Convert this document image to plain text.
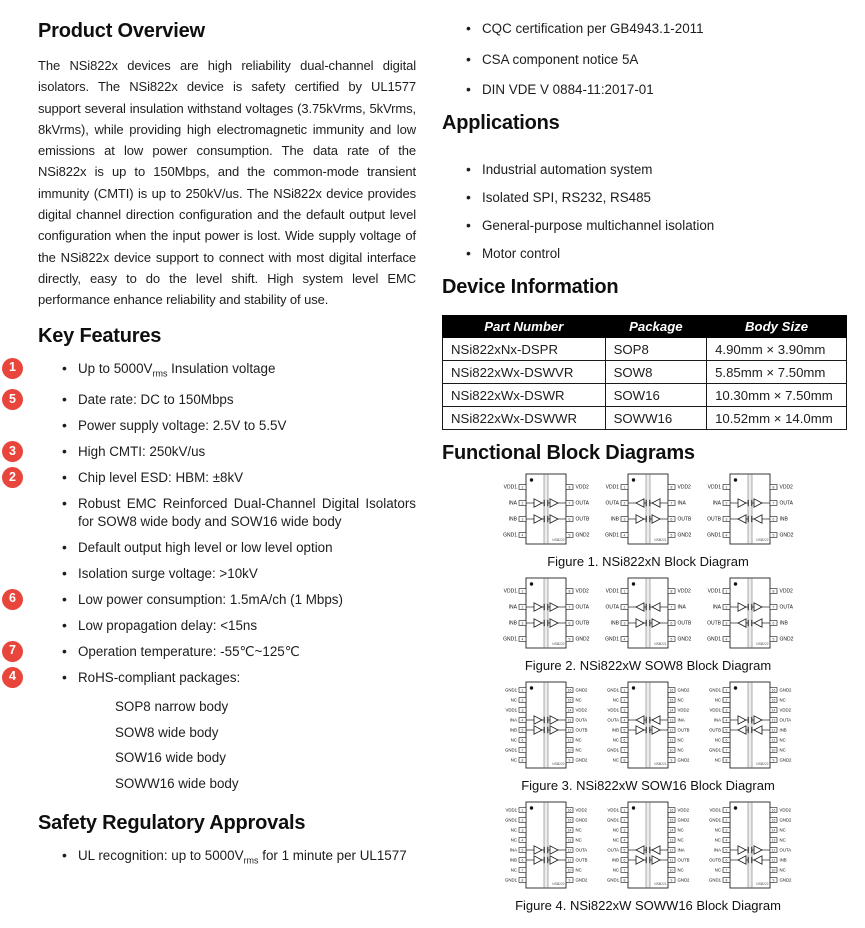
Product Overview

The NSi822x devices are high reliability dual-channel digital isolators. The NSi822x device is safety certified by UL1577 support several insulation withstand voltages (3.75kVrms, 5kVrms, 8kVrms), while providing high electromagnetic immunity and low emissions at low power consumption. The data rate of the NSi822x is up to 150Mbps, and the common-mode transient immunity (CMTI) is up to 250kV/us. The NSi822x device provides digital channel direction configuration and the default output level configuration when the input power is lost. Wide supply voltage of the NSi822x device support to connect with most digital interface directly, easy to do the level shift. High system level EMC performance enhance reliability and stability of use.

Key Features
1 •	Up to $5000V_{rms}$ Insulation voltage
5 •	Date rate: DC to 150Mbps
•
Power supply voltage: 2.5V to 5.5V
3 •	High CMTI: 250kV/us
2 •	Chip level ESD: HBM: ±8kV
•
Robust EMC Reinforced Dual-Channel Digital Isolators for SOW8 wide body and SOW16 wide body
•
Default output high level or low level option
•
Isolation surge voltage: >10kV
6 •	Low power consumption: 1.5mA/ch (1 Mbps)
•
Low propagation delay: <15ns
7 •	Operation temperature: -55℃~125℃
4 •	RoHS-compliant packages:
SOP8 narrow body
SOW8 wide body
SOW16 wide body
SOWW16 wide body
Safety Regulatory Approvals
•
UL recognition: up to $5000V_{rms}$ for 1 minute per UL1577
•
CQC certification per GB4943.1-2011
•
CSA component notice 5A
•
DIN VDE V 0884-11:2017-01
Applications
•
Industrial automation system
•
Isolated SPI, RS232, RS485
•
General-purpose multichannel isolation
•
Motor control
Device Information
Part Number	Package	Body Size
NSi822xNx-DSPR	SOP8	4.90mm × 3.90mm
NSi822xWx-DSWVR	SOW8	5.85mm × 7.50mm
NSi822xWx-DSWR	SOW16	10.30mm × 7.50mm
NSi822xWx-DSWWR	SOWW16	10.52mm × 14.0mm
Functional Block Diagrams
1
VDD1	8 VDD2
2
INA	7 OUTA
3
INB	6 OUTB
4
GND1	5 GND2
NSi8220
1
VDD1	8 VDD2
2
OUTA	7 INA
3
INB	6 OUTB
4
GND1	5 GND2
NSi8221
1
VDD1	8 VDD2
2
INA	7 OUTA
3
OUTB	6 INB
4
GND1	5 GND2
NSi8222
Figure 1. NSi822xN Block Diagram
1
VDD1	8 VDD2
2
INA	7 OUTA
3
INB	6 OUTB
4
GND1	5 GND2
NSi8220
1
VDD1	8 VDD2
2
OUTA	7 INA
3
INB	6 OUTB
4
GND1	5 GND2
NSi8221
1
VDD1	8 VDD2
2
INA	7 OUTA
3
OUTB	6 INB
4
GND1	5 GND2
NSi8222
Figure 2. NSi822xW SOW8 Block Diagram
1
GND1	16 GND2
2
NC	15 NC
3
VDD1	14 VDD2
4
INA	13 OUTA
5
INB	12 OUTB
6
NC	11 NC
7
GND1	10 NC
8
NC	9 GND2
NSi8220
1
GND1	16 GND2
2
NC	15 NC
3
VDD1	14 VDD2
4
OUTA	13 INA
5
INB	12 OUTB
6
NC	11 NC
7
GND1	10 NC
8
NC	9 GND2
NSi8221
1
GND1	16 GND2
2
NC	15 NC
3
VDD1	14 VDD2
4
INA	13 OUTA
5
OUTB	12 INB
6
NC	11 NC
7
GND1	10 NC
8
NC	9 GND2
NSi8222
Figure 3. NSi822xW SOW16 Block Diagram
1
VDD1	16 VDD2
2
GND1	15 GND2
3
NC	14 NC
4
NC	13 NC
5
INA	12 OUTA
6
INB	11 OUTB
7
NC	10 NC
8
GND1	9 GND2
NSi8220
1
VDD1	16 VDD2
2
GND1	15 GND2
3
NC	14 NC
4
NC	13 NC
5
OUTA	12 INA
6
INB	11 OUTB
7
NC	10 NC
8
GND1	9 GND2
NSi8221
1
VDD1	16 VDD2
2
GND1	15 GND2
3
NC	14 NC
4
NC	13 NC
5
INA	12 OUTA
6
OUTB	11 INB
7
NC	10 NC
8
GND1	9 GND2
NSi8222
Figure 4. NSi822xW SOWW16 Block Diagram
